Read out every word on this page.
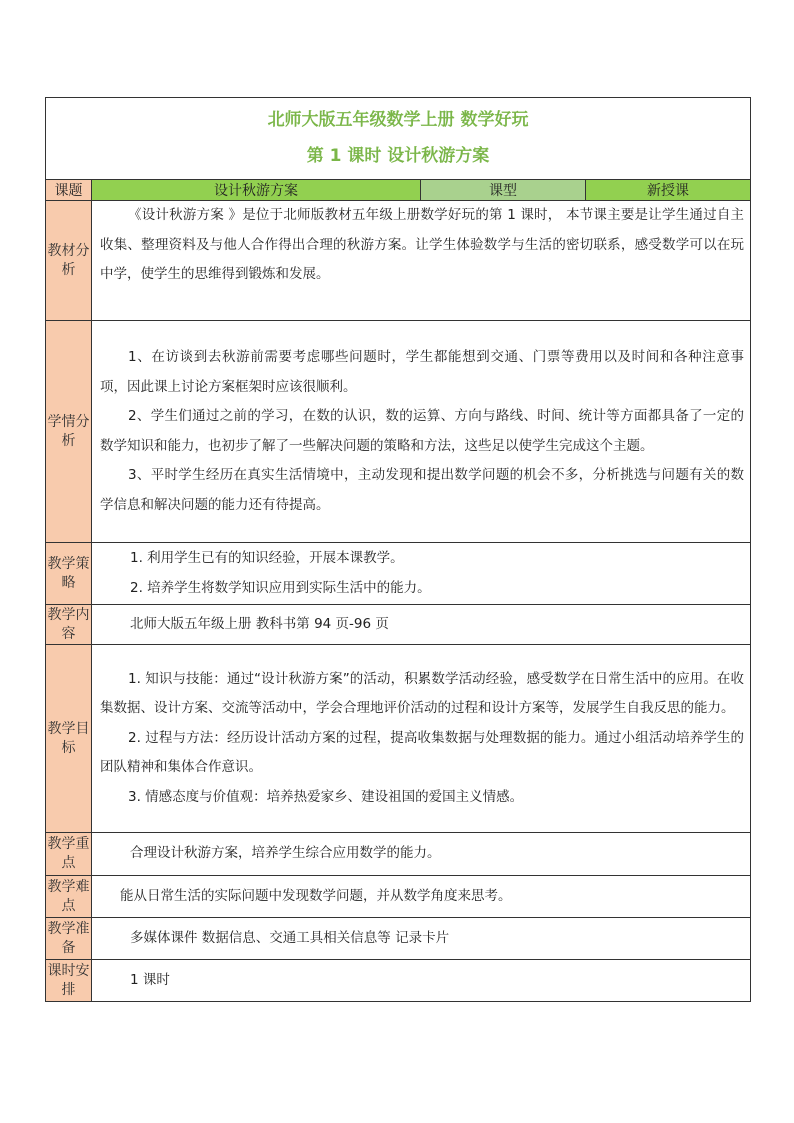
北师大版五年级数学上册 数学好玩
第 1 课时 设计秋游方案			

课题	设计秋游方案	课型	新授课
教材分析	《设计秋游方案 》是位于北师版教材五年级上册数学好玩的第 1 课时， 本节课主要是让学生通过自主收集、整理资料及与他人合作得出合理的秋游方案。让学生体验数学与生活的密切联系，感受数学可以在玩中学，使学生的思维得到锻炼和发展。		

学情分析	1、在访谈到去秋游前需要考虑哪些问题时，学生都能想到交通、门票等费用以及时间和各种注意事项，因此课上讨论方案框架时应该很顺利。

2、学生们通过之前的学习，在数的认识，数的运算、方向与路线、时间、统计等方面都具备了一定的数学知识和能力，也初步了解了一些解决问题的策略和方法，这些足以使学生完成这个主题。

3、平时学生经历在真实生活情境中，主动发现和提出数学问题的机会不多，分析挑选与问题有关的数学信息和解决问题的能力还有待提高。		

教学策略	1. 利用学生已有的知识经验，开展本课教学。

2. 培养学生将数学知识应用到实际生活中的能力。		

教学内容	北师大版五年级上册 教科书第 94 页-96 页		

教学目标	1. 知识与技能：通过“设计秋游方案”的活动，积累数学活动经验，感受数学在日常生活中的应用。在收集数据、设计方案、交流等活动中，学会合理地评价活动的过程和设计方案等，发展学生自我反思的能力。

2. 过程与方法：经历设计活动方案的过程，提高收集数据与处理数据的能力。通过小组活动培养学生的团队精神和集体合作意识。

3. 情感态度与价值观：培养热爱家乡、建设祖国的爱国主义情感。		

教学重点	合理设计秋游方案，培养学生综合应用数学的能力。		

教学难点	能从日常生活的实际问题中发现数学问题，并从数学角度来思考。		

教学准备	多媒体课件 数据信息、交通工具相关信息等 记录卡片		

课时安排	1 课时		
